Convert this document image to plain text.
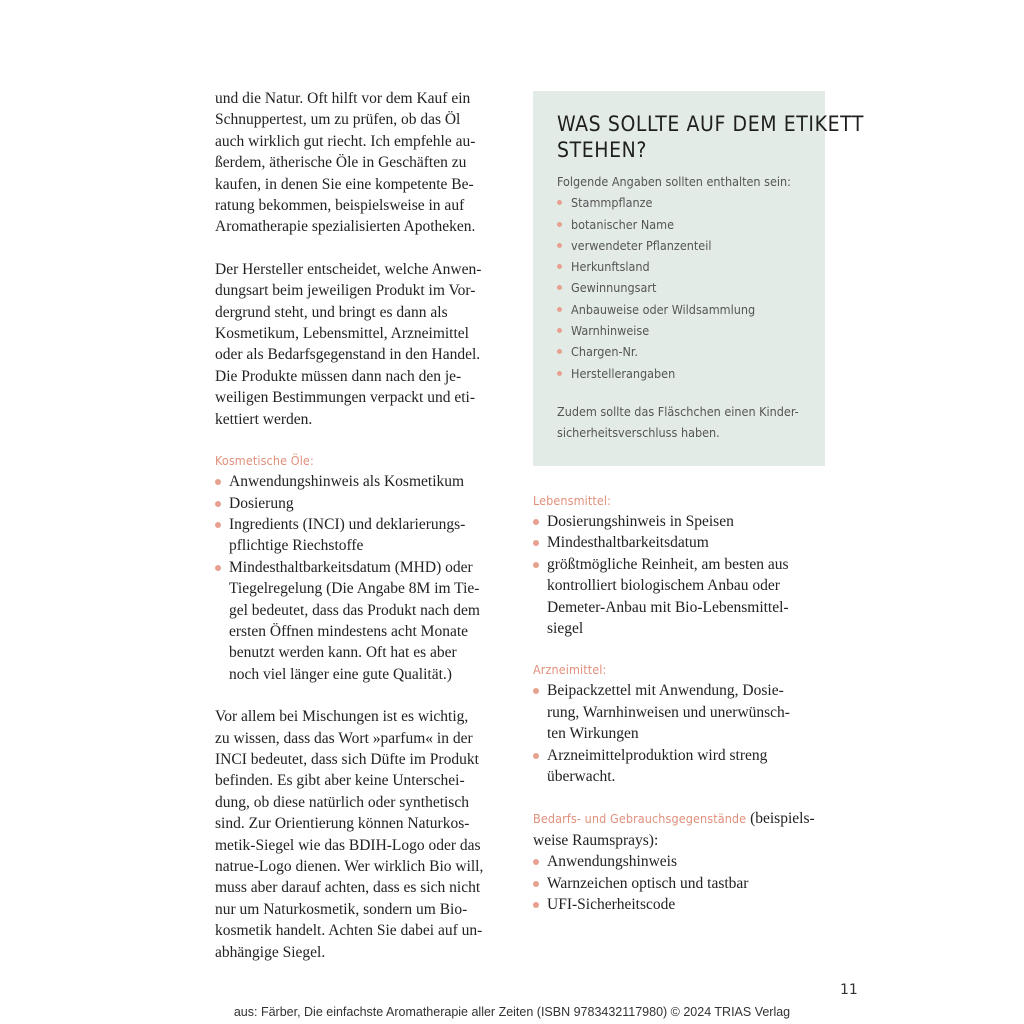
und die Natur. Oft hilft vor dem Kauf ein
Schnuppertest, um zu prüfen, ob das Öl
auch wirklich gut riecht. Ich empfehle au-
ßerdem, ätherische Öle in Geschäften zu
kaufen, in denen Sie eine kompetente Be-
ratung bekommen, beispielsweise in auf
Aromatherapie spezialisierten Apotheken.

Der Hersteller entscheidet, welche Anwen-
dungsart beim jeweiligen Produkt im Vor-
dergrund steht, und bringt es dann als
Kosmetikum, Lebensmittel, Arzneimittel
oder als Bedarfsgegenstand in den Handel.
Die Produkte müssen dann nach den je-
weiligen Bestimmungen verpackt und eti-
kettiert werden.

Kosmetische Öle:
Anwendungshinweis als Kosmetikum
Dosierung
Ingredients (INCI) und deklarierungs-
pflichtige Riechstoffe
Mindesthaltbarkeitsdatum (MHD) oder
Tiegelregelung (Die Angabe 8M im Tie-
gel bedeutet, dass das Produkt nach dem
ersten Öffnen mindestens acht Monate
benutzt werden kann. Oft hat es aber
noch viel länger eine gute Qualität.)

Vor allem bei Mischungen ist es wichtig,
zu wissen, dass das Wort »parfum« in der
INCI bedeutet, dass sich Düfte im Produkt
befinden. Es gibt aber keine Unterschei-
dung, ob diese natürlich oder synthetisch
sind. Zur Orientierung können Naturkos-
metik-Siegel wie das BDIH-Logo oder das
natrue-Logo dienen. Wer wirklich Bio will,
muss aber darauf achten, dass es sich nicht
nur um Naturkosmetik, sondern um Bio-
kosmetik handelt. Achten Sie dabei auf un-
abhängige Siegel.

WAS SOLLTE AUF DEM ETIKETT
STEHEN?
Folgende Angaben sollten enthalten sein:
Stammpflanze
botanischer Name
verwendeter Pflanzenteil
Herkunftsland
Gewinnungsart
Anbauweise oder Wildsammlung
Warnhinweise
Chargen-Nr.
Herstellerangaben
Zudem sollte das Fläschchen einen Kinder-
sicherheitsverschluss haben.
Lebensmittel:
Dosierungshinweis in Speisen
Mindesthaltbarkeitsdatum
größtmögliche Reinheit, am besten aus
kontrolliert biologischem Anbau oder
Demeter-Anbau mit Bio-Lebensmittel-
siegel
Arzneimittel:
Beipackzettel mit Anwendung, Dosie-
rung, Warnhinweisen und unerwünsch-
ten Wirkungen
Arzneimittelproduktion wird streng
überwacht.
Bedarfs- und Gebrauchsgegenstände (beispiels-
weise Raumsprays):
Anwendungshinweis
Warnzeichen optisch und tastbar
UFI-Sicherheitscode
11
aus: Färber, Die einfachste Aromatherapie aller Zeiten (ISBN 9783432117980) © 2024 TRIAS Verlag
